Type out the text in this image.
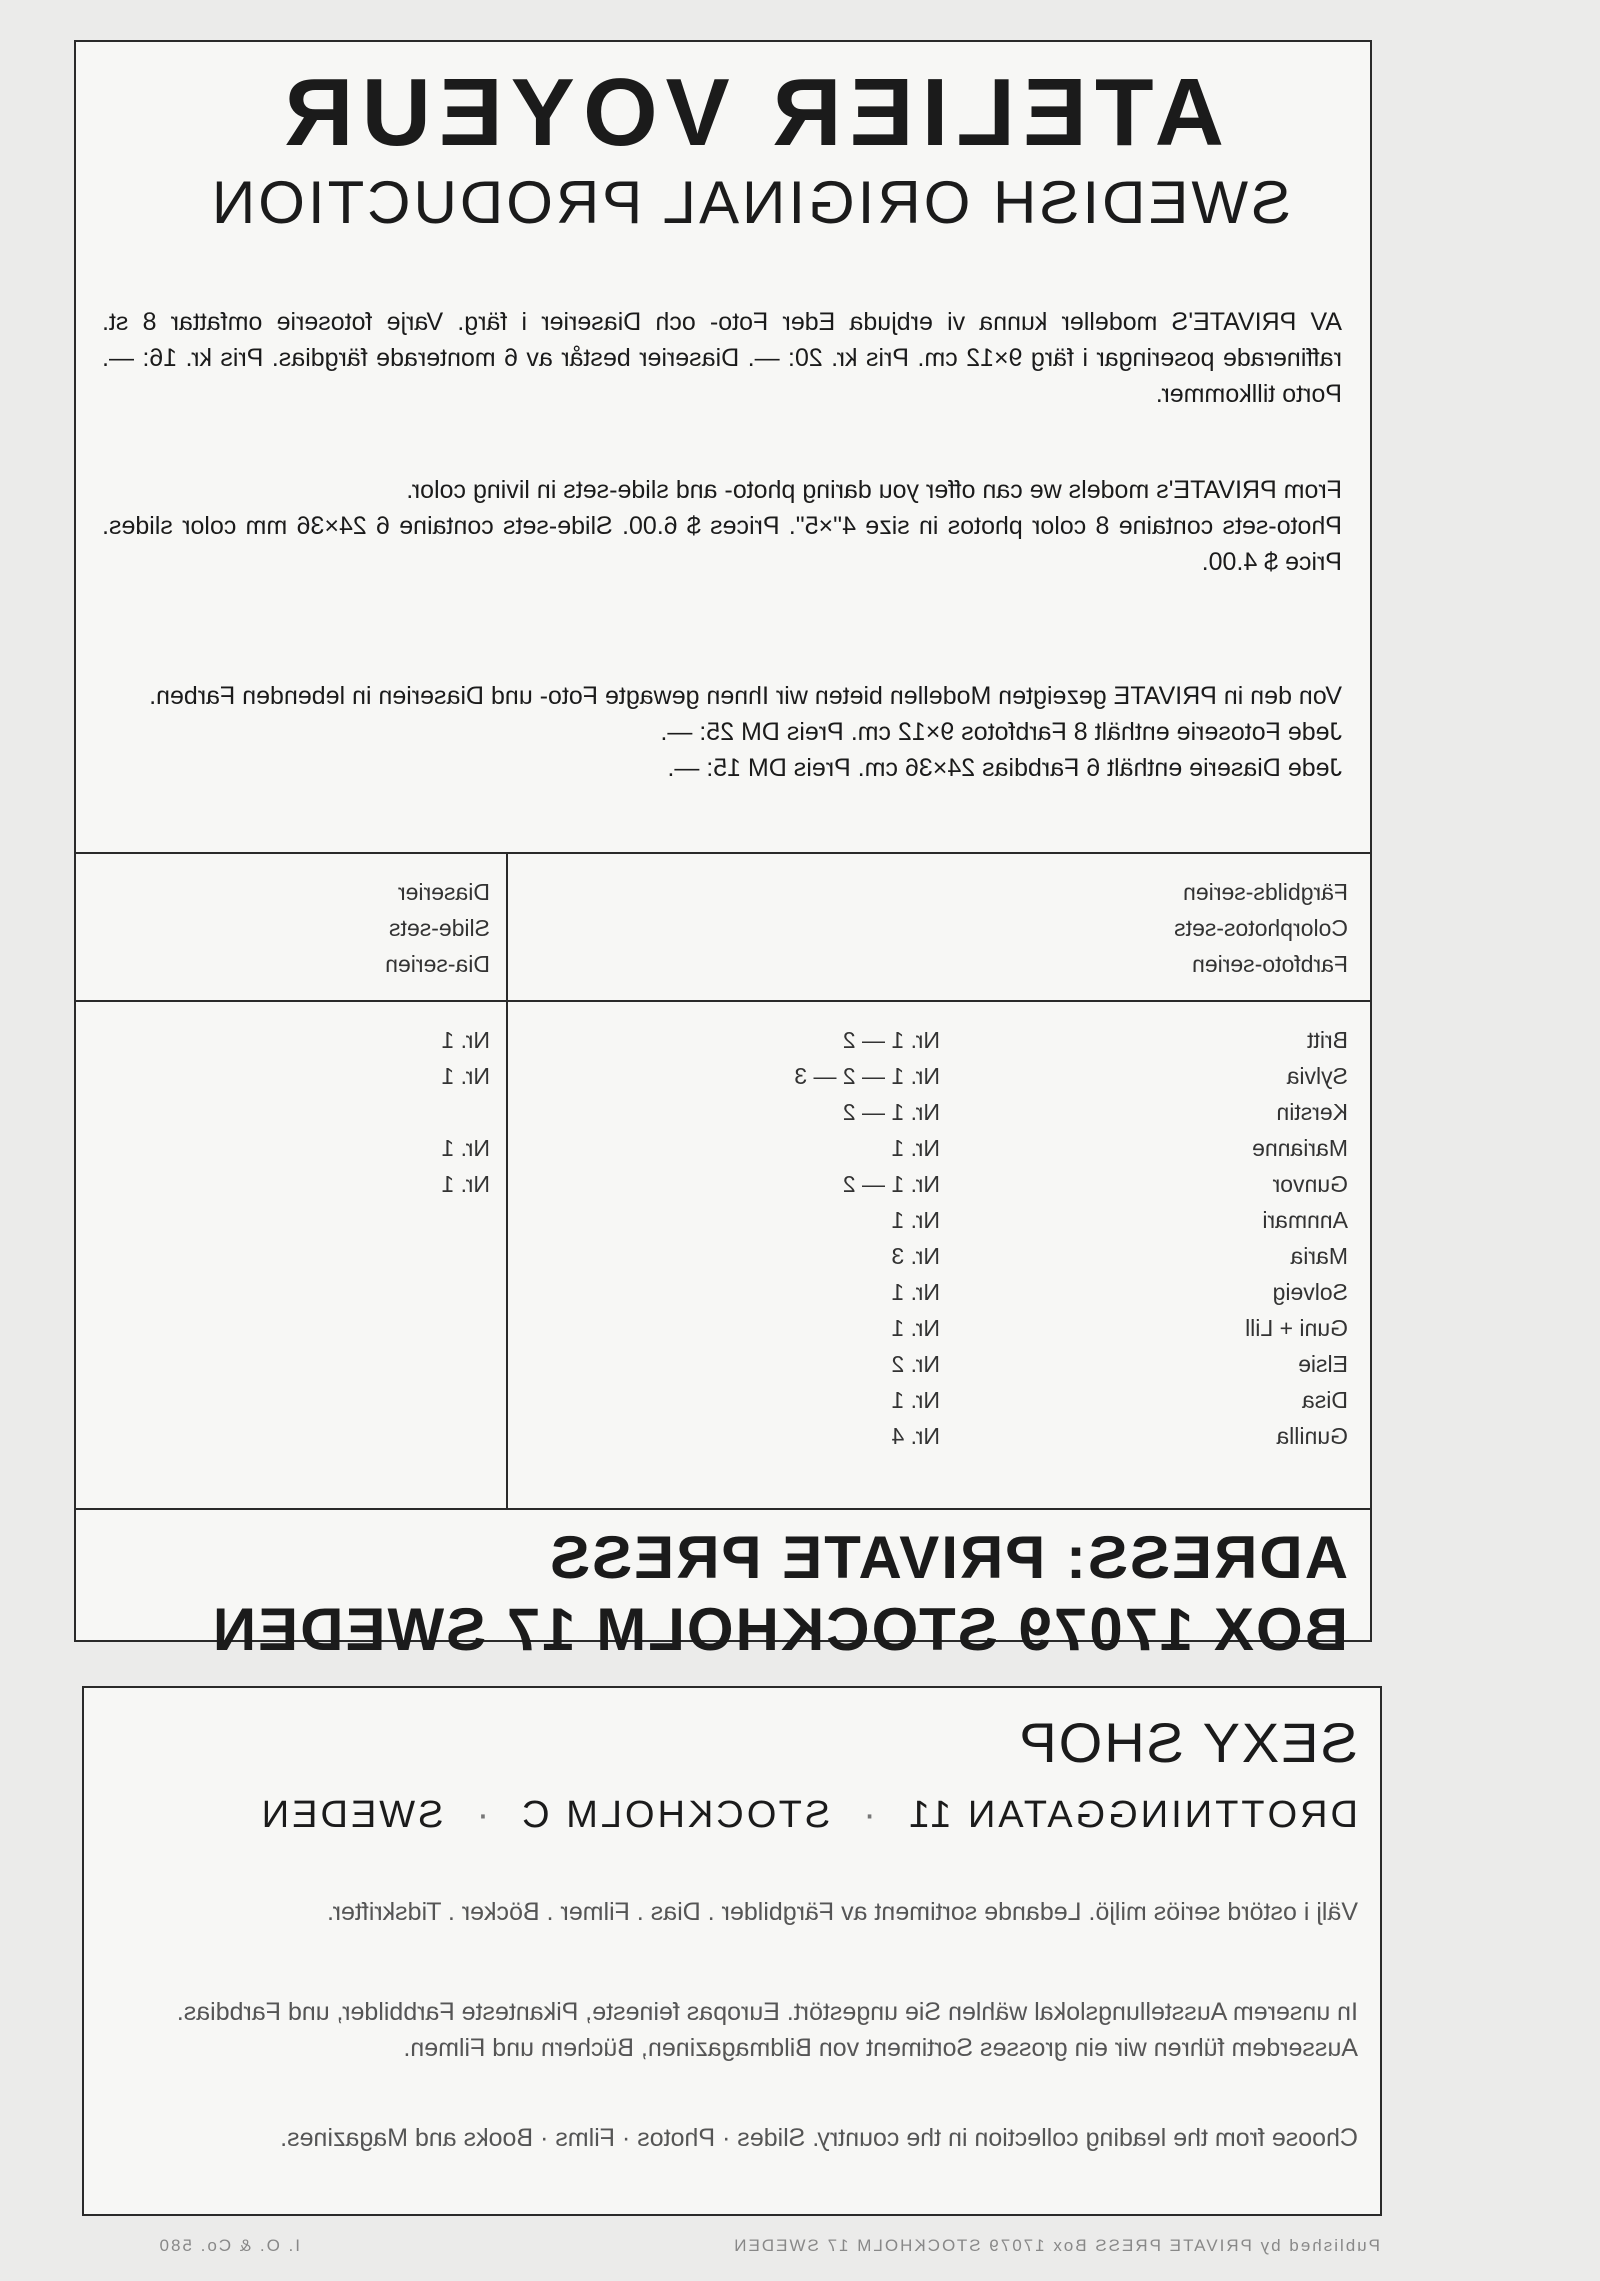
ATELIER VOYEUR
SWEDISH ORIGINAL PRODUCTION

AV PRIVATE'S modeller kunna vi erbjuda Eder Foto- och Diaserier i färg. Varje fotoserie omfattar 8 st. raffinerade poseringar i färg 9×12 cm. Pris kr. 20: —. Diaserier består av 6 monterade färgdias. Pris kr. 16: —. Porto tillkommer.

From PRIVATE's models we can offer you daring photo- and slide-sets in living color.

Photo-sets containe 8 color photos in size 4"×5". Prices $ 6.00. Slide-sets containe 6 24×36 mm color slides. Price $ 4.00.

Von den in PRIVATE gezeigten Modellen bieten wir Ihnen gewagte Foto- und Diaserien in lebenden Farben.

Jede Fotoserie enthält 8 Farbfotos 9×12 cm. Preis DM 25: —.

Jede Diaserie enthält 6 Farbdias 24×36 cm. Preis DM 15: —.

Färgbilds-serien
Colorphotos-sets
Farbfoto-serien
Diaserier
Slide-sets
Dia-serien
Britt
Nr. 1 — 2
Nr. 1
Sylvia
Nr. 1 — 2 — 3
Nr. 1
Kerstin
Nr. 1 — 2
Marianne
Nr. 1
Nr. 1
Gunvor
Nr. 1 — 2
Nr. 1
Annmari
Nr. 1
Maria
Nr. 3
Solveig
Nr. 1
Guni + Lill
Nr. 1
Elsie
Nr. 2
Disa
Nr. 1
Gunilla
Nr. 4
ADRESS: PRIVATE PRESS
BOX 17079 STOCKHOLM 17 SWEDEN
SEXY SHOP
DROTTNINGGATAN 11
·
STOCKHOLM C
·
SWEDEN
Välj i ostörd seriös miljö. Ledande sortiment av Färgbilder . Dias . Filmer . Böcker . Tidskrifter.
In unserem Ausstellungslokal wählen Sie ungestört. Europas feineste, Pikanteste Farbbilder, und Farbdias. Ausserdem führen wir ein grosses Sortiment von Bildmagazinen, Büchern und Filmen.
Choose from the leading collection in the country. Slides · Photos · Films · Books and Magazines.
Published by PRIVATE PRESS Box 17079 STOCKHOLM 17 SWEDEN
I. O. & Co. 580
